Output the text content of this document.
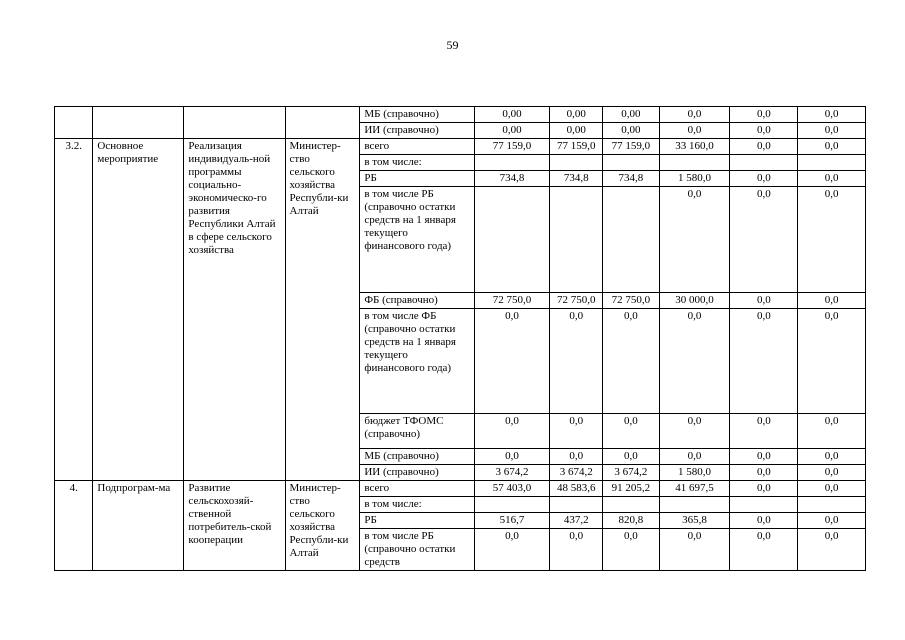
59
				МБ (справочно)	0,00	0,00	0,00	0,0	0,0	0,0
				ИИ (справочно)	0,00	0,00	0,00	0,0	0,0	0,0
3.2.	Основное мероприятие	Реализация индивидуаль-ной программы социально-экономическо-го развития Республики Алтай в сфере сельского хозяйства	Министер-ство сельского хозяйства Республи-ки Алтай	всего	77 159,0	77 159,0	77 159,0	33 160,0	0,0	0,0
				в том числе:						
				РБ	734,8	734,8	734,8	1 580,0	0,0	0,0
				в том числе РБ (справочно остатки средств на 1 января текущего финансового года)				0,0	0,0	0,0
				ФБ (справочно)	72 750,0	72 750,0	72 750,0	30 000,0	0,0	0,0
				в том числе ФБ (справочно остатки средств на 1 января текущего финансового года)	0,0	0,0	0,0	0,0	0,0	0,0
				бюджет ТФОМС (справочно)	0,0	0,0	0,0	0,0	0,0	0,0
				МБ (справочно)	0,0	0,0	0,0	0,0	0,0	0,0
				ИИ (справочно)	3 674,2	3 674,2	3 674,2	1 580,0	0,0	0,0
4.	Подпрограм-ма	Развитие сельскохозяй-ственной потребитель-ской кооперации	Министер-ство сельского хозяйства Республи-ки Алтай	всего	57 403,0	48 583,6	91 205,2	41 697,5	0,0	0,0
				в том числе:						
				РБ	516,7	437,2	820,8	365,8	0,0	0,0
				в том числе РБ (справочно остатки средств	0,0	0,0	0,0	0,0	0,0	0,0
